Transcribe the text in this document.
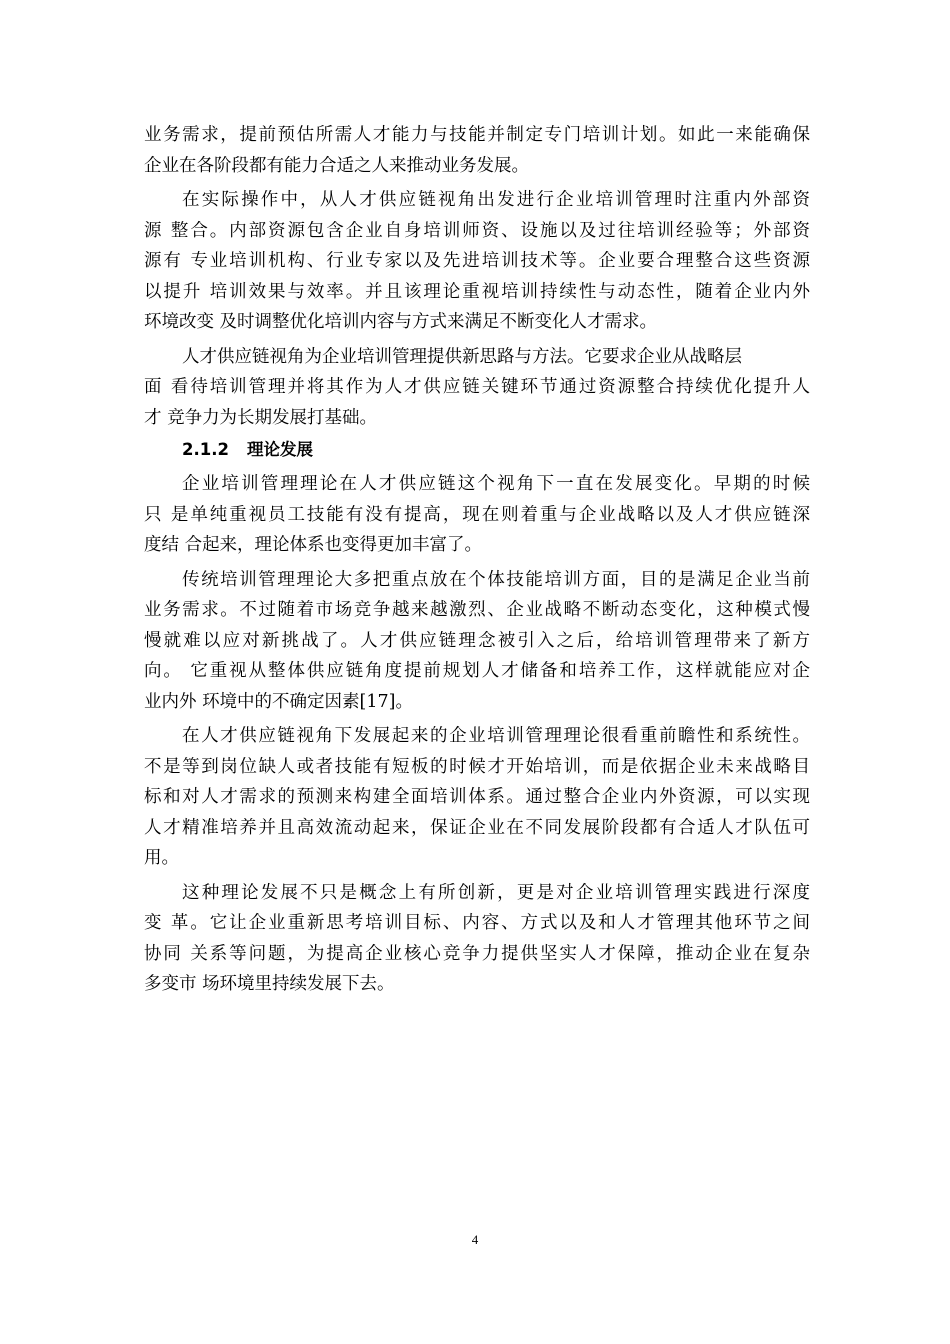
业务需求，提前预估所需人才能力与技能并制定专门培训计划。如此一来能确保
企业在各阶段都有能力合适之人来推动业务发展。
在实际操作中，从人才供应链视角出发进行企业培训管理时注重内外部资
源 整合。内部资源包含企业自身培训师资、设施以及过往培训经验等；外部资
源有 专业培训机构、行业专家以及先进培训技术等。企业要合理整合这些资源
以提升 培训效果与效率。并且该理论重视培训持续性与动态性，随着企业内外
环境改变 及时调整优化培训内容与方式来满足不断变化人才需求。
人才供应链视角为企业培训管理提供新思路与方法。它要求企业从战略层
面 看待培训管理并将其作为人才供应链关键环节通过资源整合持续优化提升人
才 竞争力为长期发展打基础。
2.1.2 理论发展
企业培训管理理论在人才供应链这个视角下一直在发展变化。早期的时候
只 是单纯重视员工技能有没有提高，现在则着重与企业战略以及人才供应链深
度结 合起来，理论体系也变得更加丰富了。
传统培训管理理论大多把重点放在个体技能培训方面，目的是满足企业当前
业务需求。不过随着市场竞争越来越激烈、企业战略不断动态变化，这种模式慢
慢就难以应对新挑战了。人才供应链理念被引入之后，给培训管理带来了新方
向。 它重视从整体供应链角度提前规划人才储备和培养工作，这样就能应对企
业内外 环境中的不确定因素[17]。
在人才供应链视角下发展起来的企业培训管理理论很看重前瞻性和系统性。
不是等到岗位缺人或者技能有短板的时候才开始培训，而是依据企业未来战略目
标和对人才需求的预测来构建全面培训体系。通过整合企业内外资源，可以实现
人才精准培养并且高效流动起来，保证企业在不同发展阶段都有合适人才队伍可
用。
这种理论发展不只是概念上有所创新，更是对企业培训管理实践进行深度
变 革。它让企业重新思考培训目标、内容、方式以及和人才管理其他环节之间
协同 关系等问题，为提高企业核心竞争力提供坚实人才保障，推动企业在复杂
多变市 场环境里持续发展下去。
4
